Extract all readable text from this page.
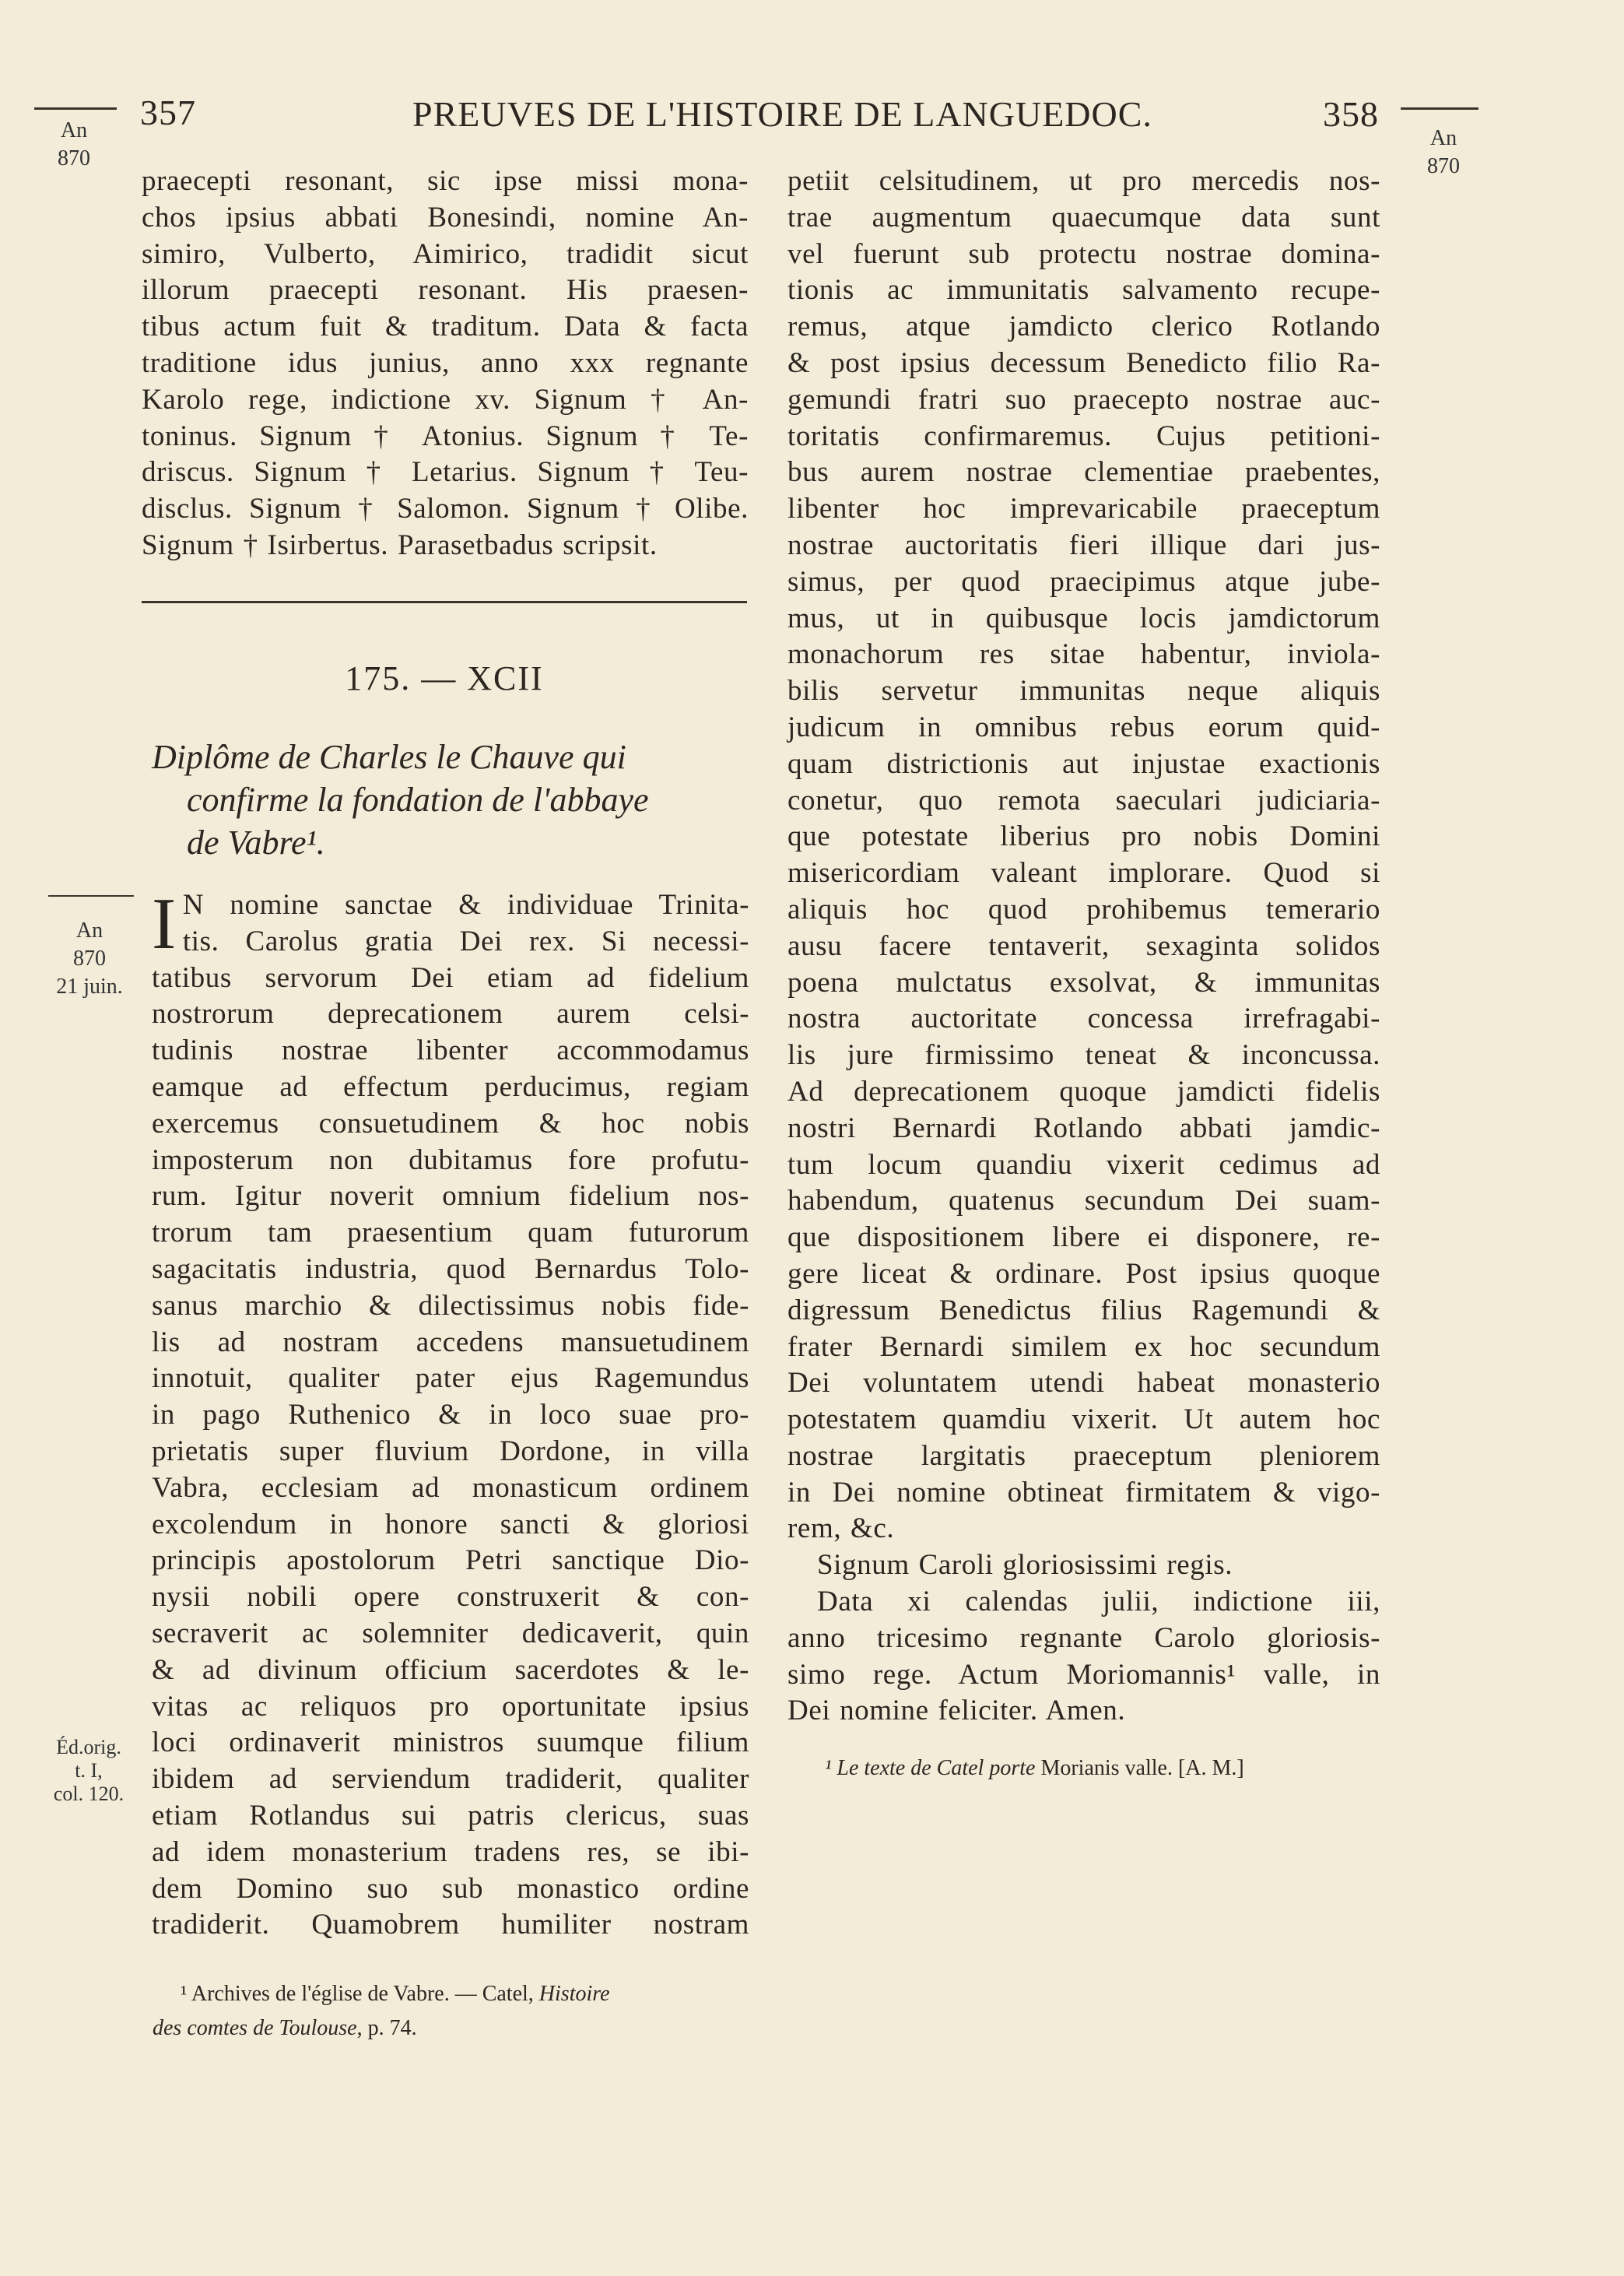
357	PREUVES DE L'HISTOIRE DE LANGUEDOC.	358
An
870
An
870
An
870
21 juin.
Éd.orig.
t. I,
col. 120.
praecepti resonant, sic ipse missi mona-
chos ipsius abbati Bonesindi, nomine An-
simiro, Vulberto, Aimirico, tradidit sicut
illorum praecepti resonant. His praesen-
tibus actum fuit & traditum. Data & facta
traditione idus junius, anno xxx regnante
Karolo rege, indictione xv. Signum † An-
toninus. Signum † Atonius. Signum † Te-
driscus. Signum † Letarius. Signum † Teu-
disclus. Signum † Salomon. Signum † Olibe.
Signum † Isirbertus. Parasetbadus scripsit.
175. — XCII
Diplôme de Charles le Chauve qui
confirme la fondation de l'abbaye
de Vabre¹.
I N nomine sanctae & individuae Trinita-
tis. Carolus gratia Dei rex. Si necessi-
tatibus servorum Dei etiam ad fidelium
nostrorum deprecationem aurem celsi-
tudinis nostrae libenter accommodamus
eamque ad effectum perducimus, regiam
exercemus consuetudinem & hoc nobis
imposterum non dubitamus fore profutu-
rum. Igitur noverit omnium fidelium nos-
trorum tam praesentium quam futurorum
sagacitatis industria, quod Bernardus Tolo-
sanus marchio & dilectissimus nobis fide-
lis ad nostram accedens mansuetudinem
innotuit, qualiter pater ejus Ragemundus
in pago Ruthenico & in loco suae pro-
prietatis super fluvium Dordone, in villa
Vabra, ecclesiam ad monasticum ordinem
excolendum in honore sancti & gloriosi
principis apostolorum Petri sanctique Dio-
nysii nobili opere construxerit & con-
secraverit ac solemniter dedicaverit, quin
& ad divinum officium sacerdotes & le-
vitas ac reliquos pro oportunitate ipsius
loci ordinaverit ministros suumque filium
ibidem ad serviendum tradiderit, qualiter
etiam Rotlandus sui patris clericus, suas
ad idem monasterium tradens res, se ibi-
dem Domino suo sub monastico ordine
tradiderit. Quamobrem humiliter nostram
petiit celsitudinem, ut pro mercedis nos-
trae augmentum quaecumque data sunt
vel fuerunt sub protectu nostrae domina-
tionis ac immunitatis salvamento recupe-
remus, atque jamdicto clerico Rotlando
& post ipsius decessum Benedicto filio Ra-
gemundi fratri suo praecepto nostrae auc-
toritatis confirmaremus. Cujus petitioni-
bus aurem nostrae clementiae praebentes,
libenter hoc imprevaricabile praeceptum
nostrae auctoritatis fieri illique dari jus-
simus, per quod praecipimus atque jube-
mus, ut in quibusque locis jamdictorum
monachorum res sitae habentur, inviola-
bilis servetur immunitas neque aliquis
judicum in omnibus rebus eorum quid-
quam districtionis aut injustae exactionis
conetur, quo remota saeculari judiciaria-
que potestate liberius pro nobis Domini
misericordiam valeant implorare. Quod si
aliquis hoc quod prohibemus temerario
ausu facere tentaverit, sexaginta solidos
poena mulctatus exsolvat, & immunitas
nostra auctoritate concessa irrefragabi-
lis jure firmissimo teneat & inconcussa.
Ad deprecationem quoque jamdicti fidelis
nostri Bernardi Rotlando abbati jamdic-
tum locum quandiu vixerit cedimus ad
habendum, quatenus secundum Dei suam-
que dispositionem libere ei disponere, re-
gere liceat & ordinare. Post ipsius quoque
digressum Benedictus filius Ragemundi &
frater Bernardi similem ex hoc secundum
Dei voluntatem utendi habeat monasterio
potestatem quamdiu vixerit. Ut autem hoc
nostrae largitatis praeceptum pleniorem
in Dei nomine obtineat firmitatem & vigo-
rem, &c.
Signum Caroli gloriosissimi regis.
Data xi calendas julii, indictione iii,
anno tricesimo regnante Carolo gloriosis-
simo rege. Actum Moriomannis¹ valle, in
Dei nomine feliciter. Amen.
¹ Archives de l'église de Vabre. — Catel, Histoire
des comtes de Toulouse, p. 74.
¹ Le texte de Catel porte Morianis valle. [A. M.]
